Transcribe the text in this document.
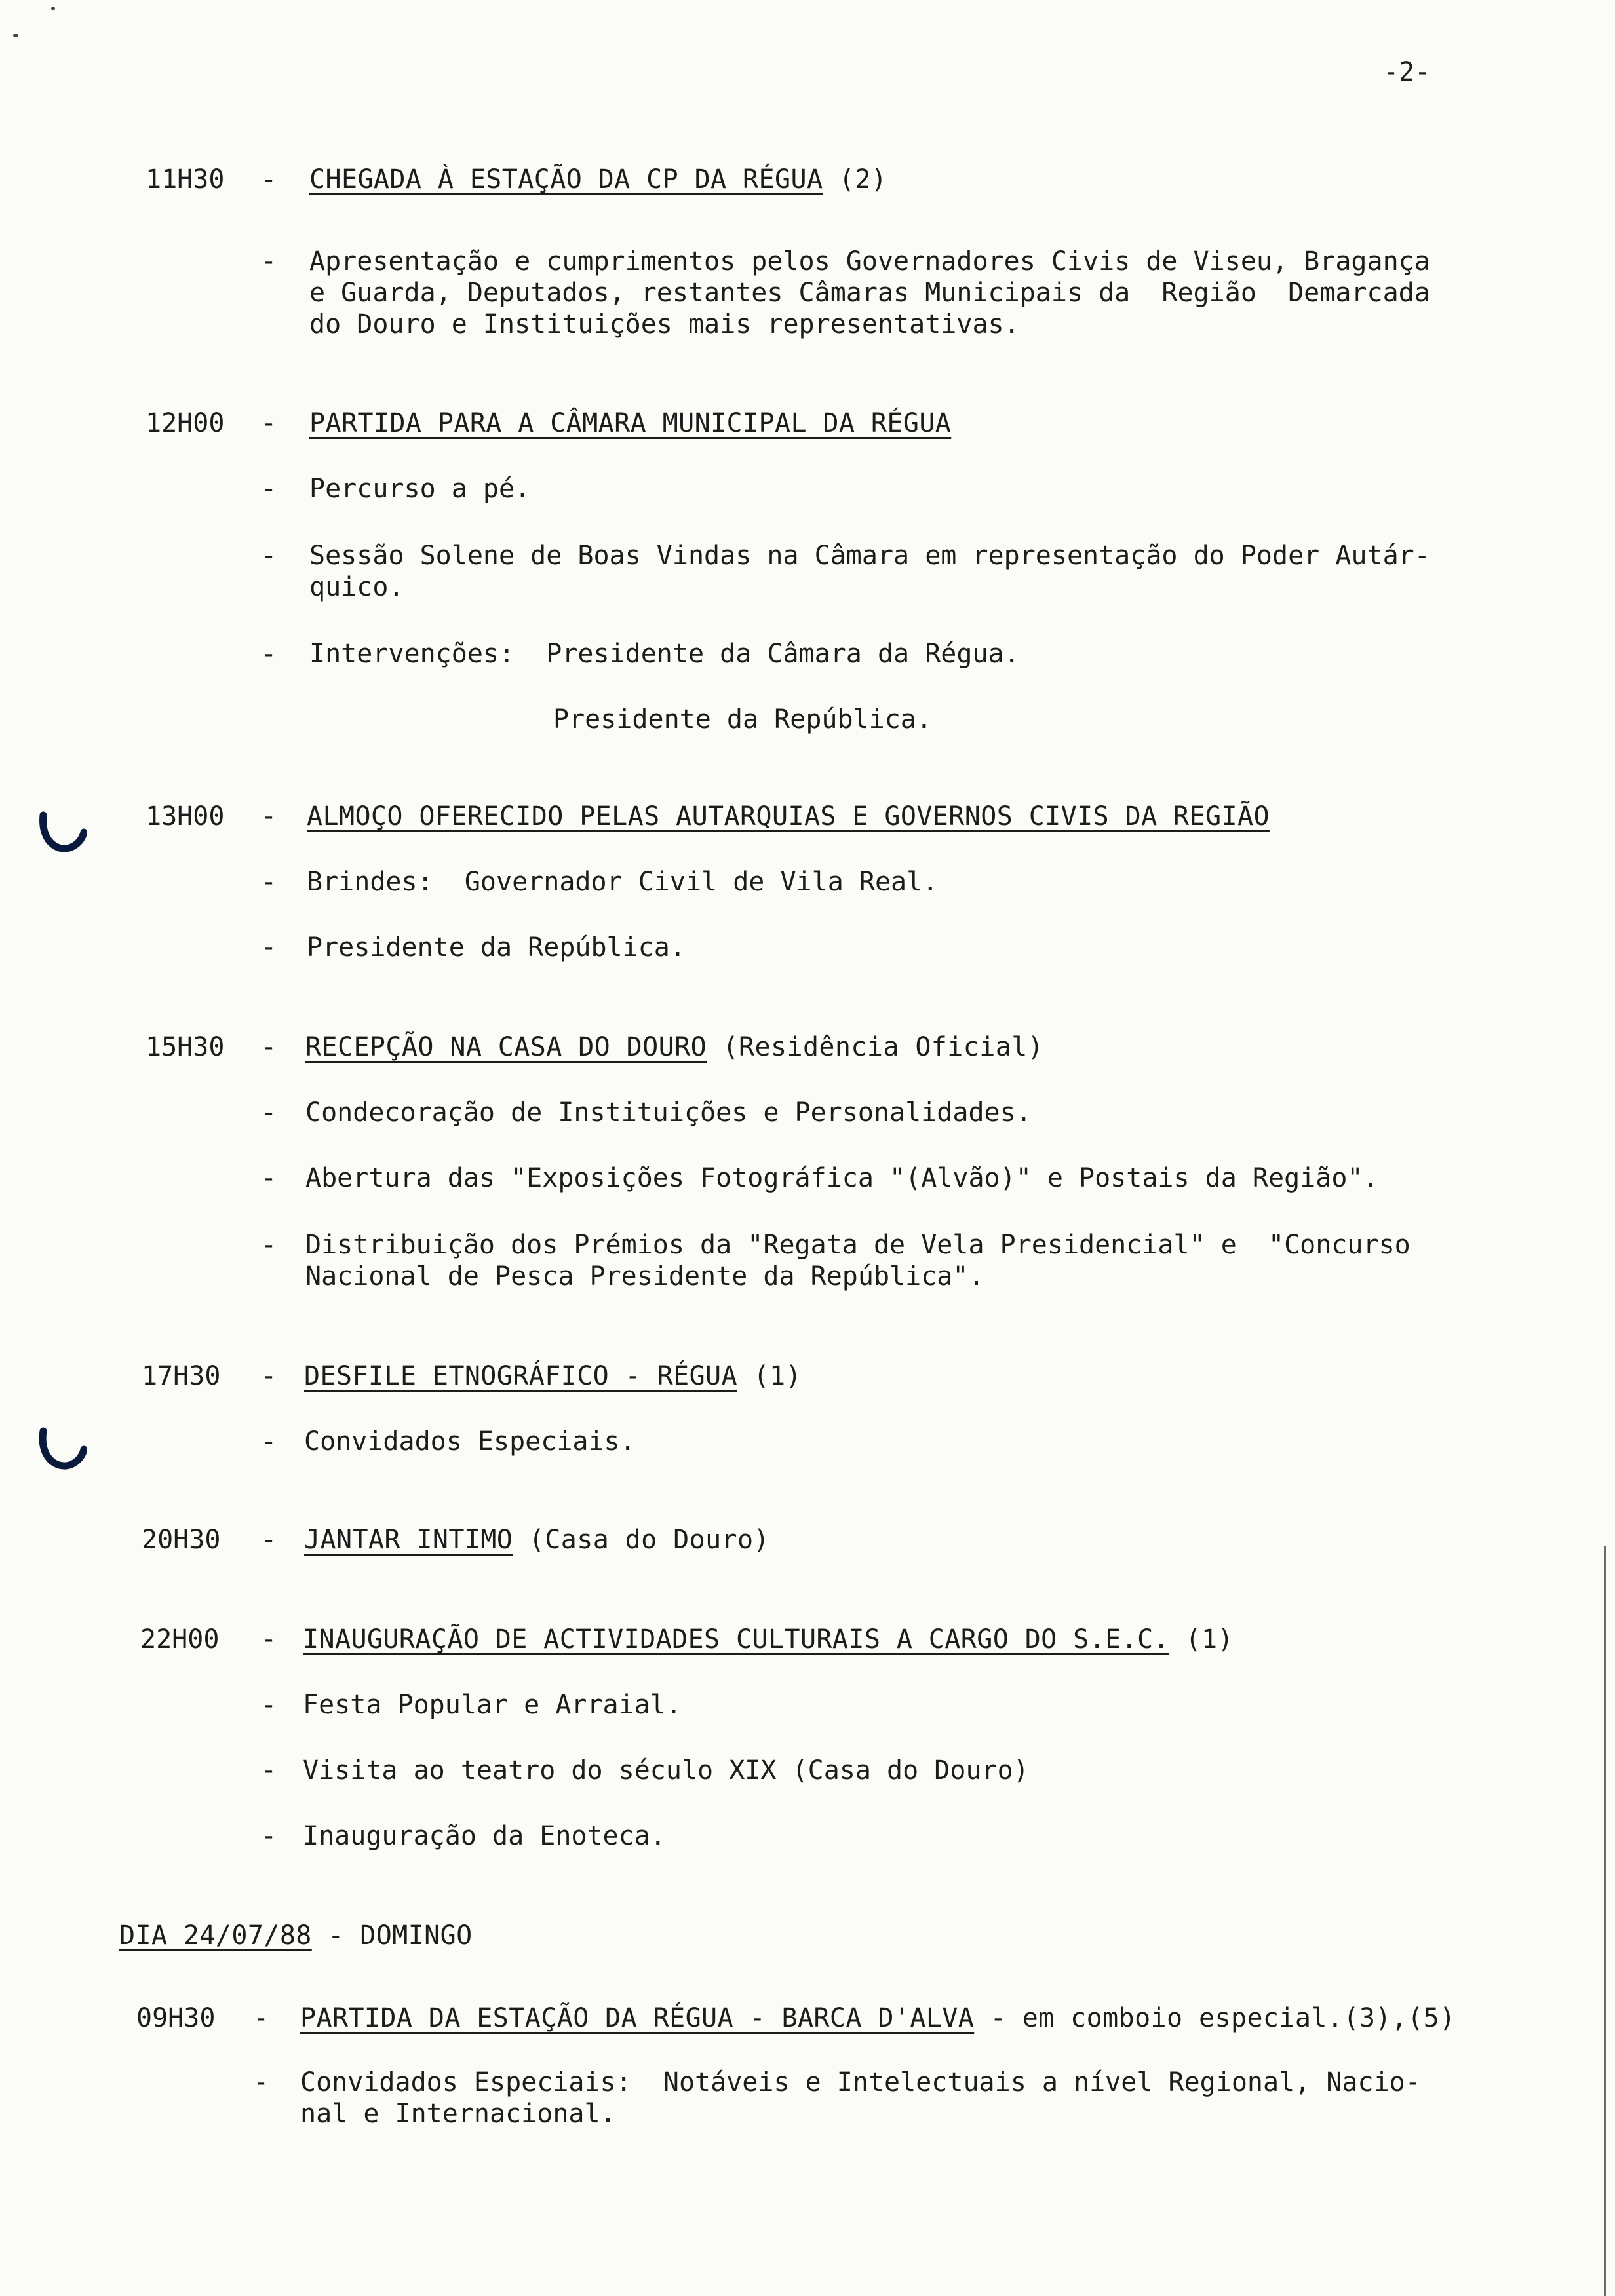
-2-
11H30 - CHEGADA À ESTAÇÃO DA CP DA RÉGUA (2)
- Apresentação e cumprimentos pelos Governadores Civis de Viseu, Bragança
e Guarda, Deputados, restantes Câmaras Municipais da  Região  Demarcada
do Douro e Instituições mais representativas.
12H00 - PARTIDA PARA A CÂMARA MUNICIPAL DA RÉGUA
- Percurso a pé.
- Sessão Solene de Boas Vindas na Câmara em representação do Poder Autár-
quico.
- Intervenções:  Presidente da Câmara da Régua.
Presidente da República.
13H00 - ALMOÇO OFERECIDO PELAS AUTARQUIAS E GOVERNOS CIVIS DA REGIÃO
- Brindes:  Governador Civil de Vila Real.
- Presidente da República.
15H30 - RECEPÇÃO NA CASA DO DOURO (Residência Oficial)
- Condecoração de Instituições e Personalidades.
- Abertura das "Exposições Fotográfica "(Alvão)" e Postais da Região".
- Distribuição dos Prémios da "Regata de Vela Presidencial" e  "Concurso
Nacional de Pesca Presidente da República".
17H30 - DESFILE ETNOGRÁFICO - RÉGUA (1)
- Convidados Especiais.
20H30 - JANTAR INTIMO (Casa do Douro)
22H00 - INAUGURAÇÃO DE ACTIVIDADES CULTURAIS A CARGO DO S.E.C. (1)
- Festa Popular e Arraial.
- Visita ao teatro do século XIX (Casa do Douro)
- Inauguração da Enoteca.
DIA 24/07/88 - DOMINGO
09H30 - PARTIDA DA ESTAÇÃO DA RÉGUA - BARCA D'ALVA - em comboio especial.(3),(5)
- Convidados Especiais:  Notáveis e Intelectuais a nível Regional, Nacio-
nal e Internacional.
